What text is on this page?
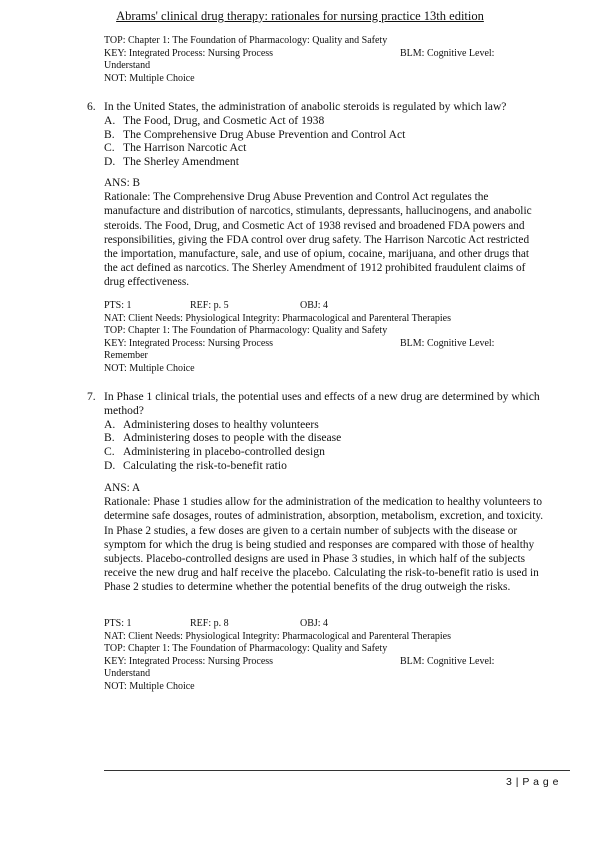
Abrams' clinical drug therapy: rationales for nursing practice 13th edition
TOP: Chapter 1: The Foundation of Pharmacology: Quality and Safety
KEY: Integrated Process: Nursing Process	BLM: Cognitive Level:
Understand
NOT: Multiple Choice
6. In the United States, the administration of anabolic steroids is regulated by which law?
A. The Food, Drug, and Cosmetic Act of 1938
B. The Comprehensive Drug Abuse Prevention and Control Act
C. The Harrison Narcotic Act
D. The Sherley Amendment
ANS: B
Rationale: The Comprehensive Drug Abuse Prevention and Control Act regulates the manufacture and distribution of narcotics, stimulants, depressants, hallucinogens, and anabolic steroids. The Food, Drug, and Cosmetic Act of 1938 revised and broadened FDA powers and responsibilities, giving the FDA control over drug safety. The Harrison Narcotic Act restricted the importation, manufacture, sale, and use of opium, cocaine, marijuana, and other drugs that the act defined as narcotics. The Sherley Amendment of 1912 prohibited fraudulent claims of drug effectiveness.
PTS: 1	REF: p. 5	OBJ: 4
NAT: Client Needs: Physiological Integrity: Pharmacological and Parenteral Therapies
TOP: Chapter 1: The Foundation of Pharmacology: Quality and Safety
KEY: Integrated Process: Nursing Process	BLM: Cognitive Level:
Remember
NOT: Multiple Choice
7. In Phase 1 clinical trials, the potential uses and effects of a new drug are determined by which method?
A. Administering doses to healthy volunteers
B. Administering doses to people with the disease
C. Administering in placebo-controlled design
D. Calculating the risk-to-benefit ratio
ANS: A
Rationale: Phase 1 studies allow for the administration of the medication to healthy volunteers to determine safe dosages, routes of administration, absorption, metabolism, excretion, and toxicity. In Phase 2 studies, a few doses are given to a certain number of subjects with the disease or symptom for which the drug is being studied and responses are compared with those of healthy subjects. Placebo-controlled designs are used in Phase 3 studies, in which half of the subjects receive the new drug and half receive the placebo. Calculating the risk-to-benefit ratio is used in Phase 2 studies to determine whether the potential benefits of the drug outweigh the risks.
PTS: 1	REF: p. 8	OBJ: 4
NAT: Client Needs: Physiological Integrity: Pharmacological and Parenteral Therapies
TOP: Chapter 1: The Foundation of Pharmacology: Quality and Safety
KEY: Integrated Process: Nursing Process	BLM: Cognitive Level:
Understand
NOT: Multiple Choice
3 | P a g e
